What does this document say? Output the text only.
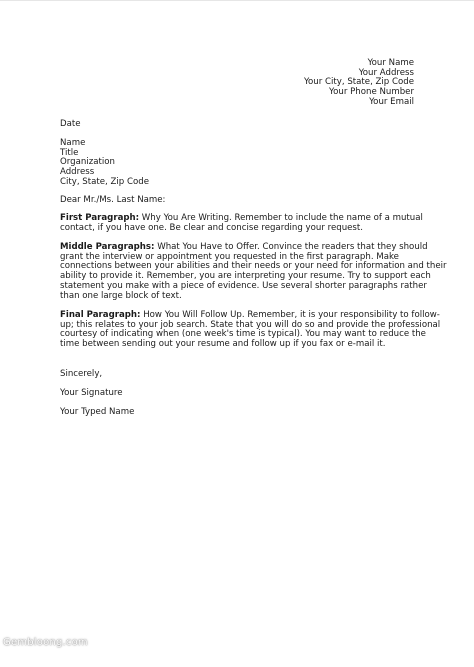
Your Name
Your Address
Your City, State, Zip Code
Your Phone Number
Your Email
Date
Name
Title
Organization
Address
City, State, Zip Code
Dear Mr./Ms. Last Name:
First Paragraph: Why You Are Writing. Remember to include the name of a mutual
contact, if you have one. Be clear and concise regarding your request.
Middle Paragraphs: What You Have to Offer. Convince the readers that they should
grant the interview or appointment you requested in the first paragraph. Make
connections between your abilities and their needs or your need for information and their
ability to provide it. Remember, you are interpreting your resume. Try to support each
statement you make with a piece of evidence. Use several shorter paragraphs rather
than one large block of text.
Final Paragraph: How You Will Follow Up. Remember, it is your responsibility to follow-
up; this relates to your job search. State that you will do so and provide the professional
courtesy of indicating when (one week's time is typical). You may want to reduce the
time between sending out your resume and follow up if you fax or e-mail it.
Sincerely,
Your Signature
Your Typed Name
Gembloong.com
